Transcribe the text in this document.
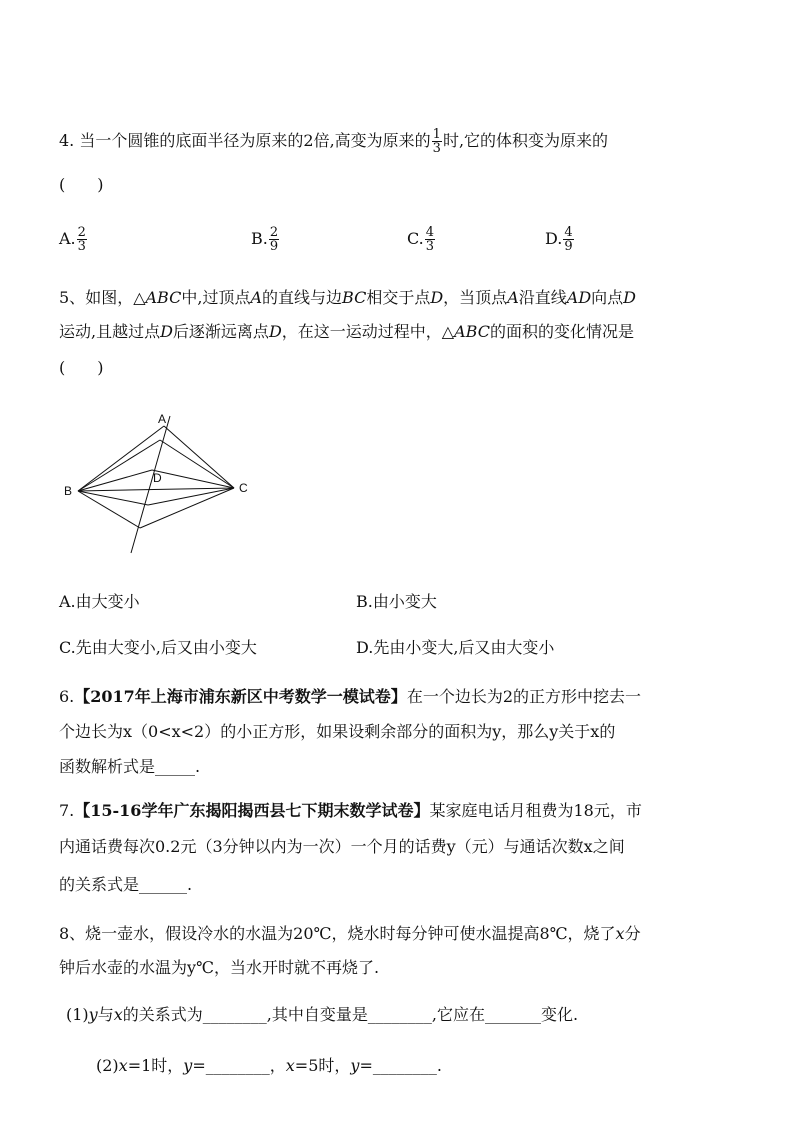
4. 当一个圆锥的底面半径为原来的2倍,高变为原来的 $\frac{1}{3}$ 时,它的体积变为原来的
(　　)
A. $\frac{2}{3}$	B. $\frac{2}{9}$	C. $\frac{4}{3}$	D. $\frac{4}{9}$
5、如图，△ABC中,过顶点A的直线与边BC相交于点D，当顶点A沿直线AD向点D
运动,且越过点D后逐渐远离点D，在这一运动过程中，△ABC的面积的变化情况是
(　　)
A
B	C
D
A.由大变小	B.由小变大
C.先由大变小,后又由小变大	D.先由小变大,后又由大变小
6.【2017年上海市浦东新区中考数学一模试卷】在一个边长为2的正方形中挖去一
个边长为x（0<x<2）的小正方形，如果设剩余部分的面积为y，那么y关于x的
函数解析式是_____.
7.【15-16学年广东揭阳揭西县七下期末数学试卷】某家庭电话月租费为18元，市
内通话费每次0.2元（3分钟以内为一次）一个月的话费y（元）与通话次数x之间
的关系式是______.
8、烧一壶水，假设冷水的水温为20℃，烧水时每分钟可使水温提高8℃，烧了x分
钟后水壶的水温为y℃，当水开时就不再烧了.
(1)y与x的关系式为________,其中自变量是________,它应在_______变化.
(2)x=1时，y=________，x=5时，y=________.
